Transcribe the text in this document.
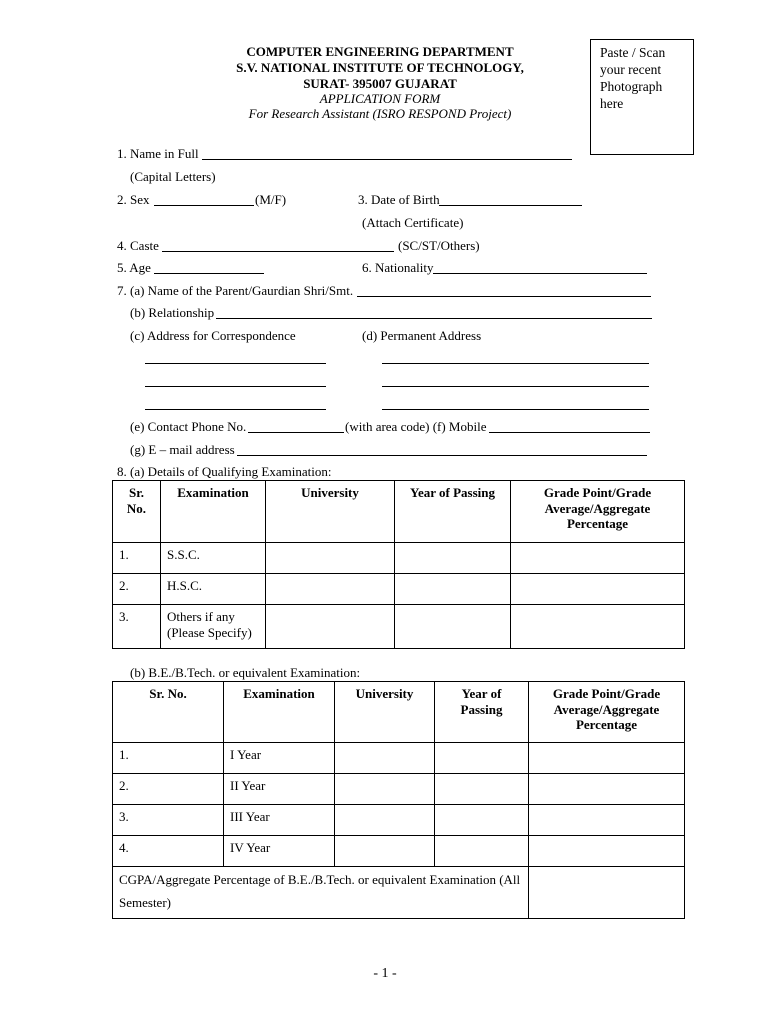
COMPUTER ENGINEERING DEPARTMENT
S.V. NATIONAL INSTITUTE OF TECHNOLOGY,
SURAT- 395007 GUJARAT
APPLICATION FORM
For Research Assistant (ISRO RESPOND Project)
Paste / Scan
your recent
Photograph
here
1. Name in Full
(Capital Letters)
2. Sex	(M/F)	3. Date of Birth
(Attach Certificate)
4. Caste	(SC/ST/Others)
5. Age	6. Nationality
7. (a) Name of the Parent/Gaurdian Shri/Smt.
(b) Relationship
(c) Address for Correspondence	(d) Permanent Address
(e) Contact Phone No.	(with area code) (f) Mobile
(g) E – mail address
8. (a) Details of Qualifying Examination:
Sr. No.	Examination	University	Year of Passing	Grade Point/Grade Average/Aggregate Percentage
1.	S.S.C.			
2.	H.S.C.			
3.	Others if any (Please Specify)			
(b) B.E./B.Tech. or equivalent Examination:
Sr. No.	Examination	University	Year of Passing	Grade Point/Grade Average/Aggregate Percentage
1.	I Year			
2.	II Year			
3.	III Year			
4.	IV Year			
CGPA/Aggregate Percentage of B.E./B.Tech. or equivalent Examination (All Semester)				
- 1 -
